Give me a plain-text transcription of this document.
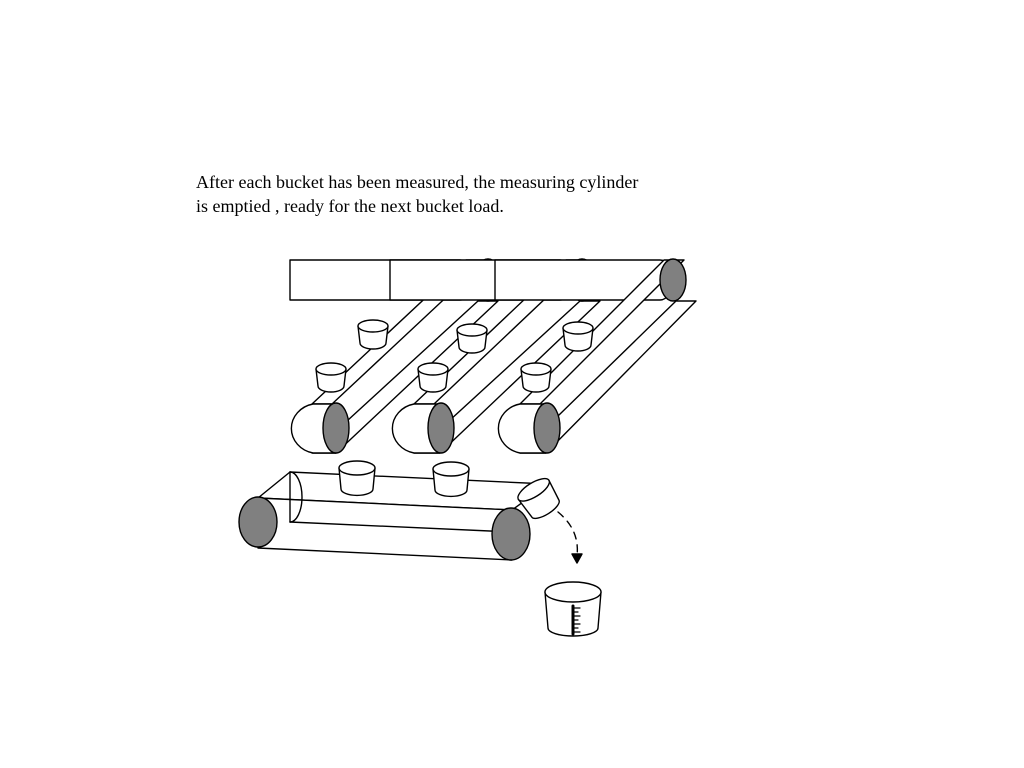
After each bucket has been measured, the measuring cylinder
is emptied , ready for the next bucket load.
